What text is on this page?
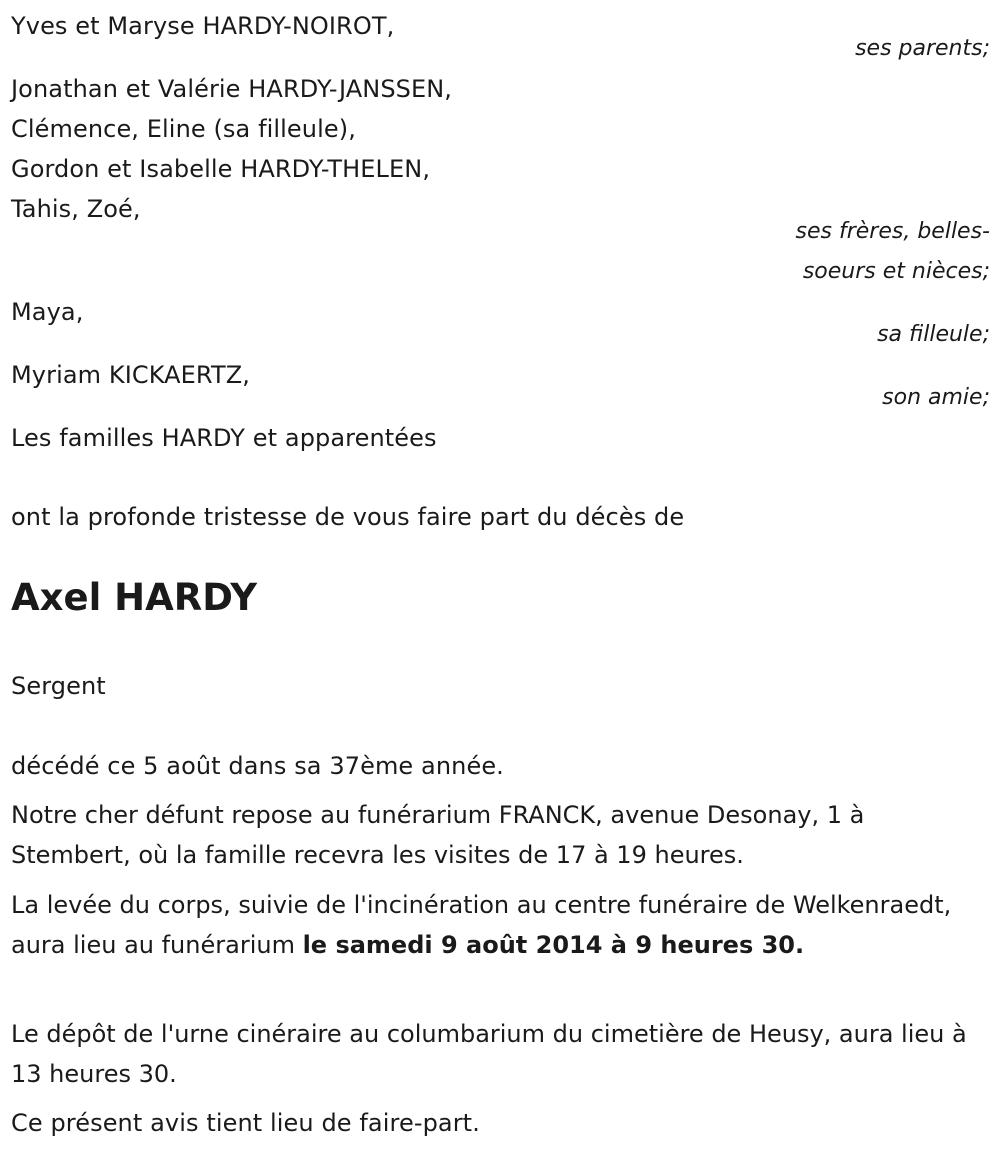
Yves et Maryse HARDY-NOIROT,
ses parents;
Jonathan et Valérie HARDY-JANSSEN,
Clémence, Eline (sa filleule),
Gordon et Isabelle HARDY-THELEN,
Tahis, Zoé,
ses frères, belles-
soeurs et nièces;
Maya,
sa filleule;
Myriam KICKAERTZ,
son amie;
Les familles HARDY et apparentées
ont la profonde tristesse de vous faire part du décès de
Axel HARDY
Sergent
décédé ce 5 août dans sa 37ème année.
Notre cher défunt repose au funérarium FRANCK, avenue Desonay, 1 à Stembert, où la famille recevra les visites de 17 à 19 heures.
La levée du corps, suivie de l'incinération au centre funéraire de Welkenraedt, aura lieu au funérarium le samedi 9 août 2014 à 9 heures 30.
Le dépôt de l'urne cinéraire au columbarium du cimetière de Heusy, aura lieu à 13 heures 30.
Ce présent avis tient lieu de faire-part.
